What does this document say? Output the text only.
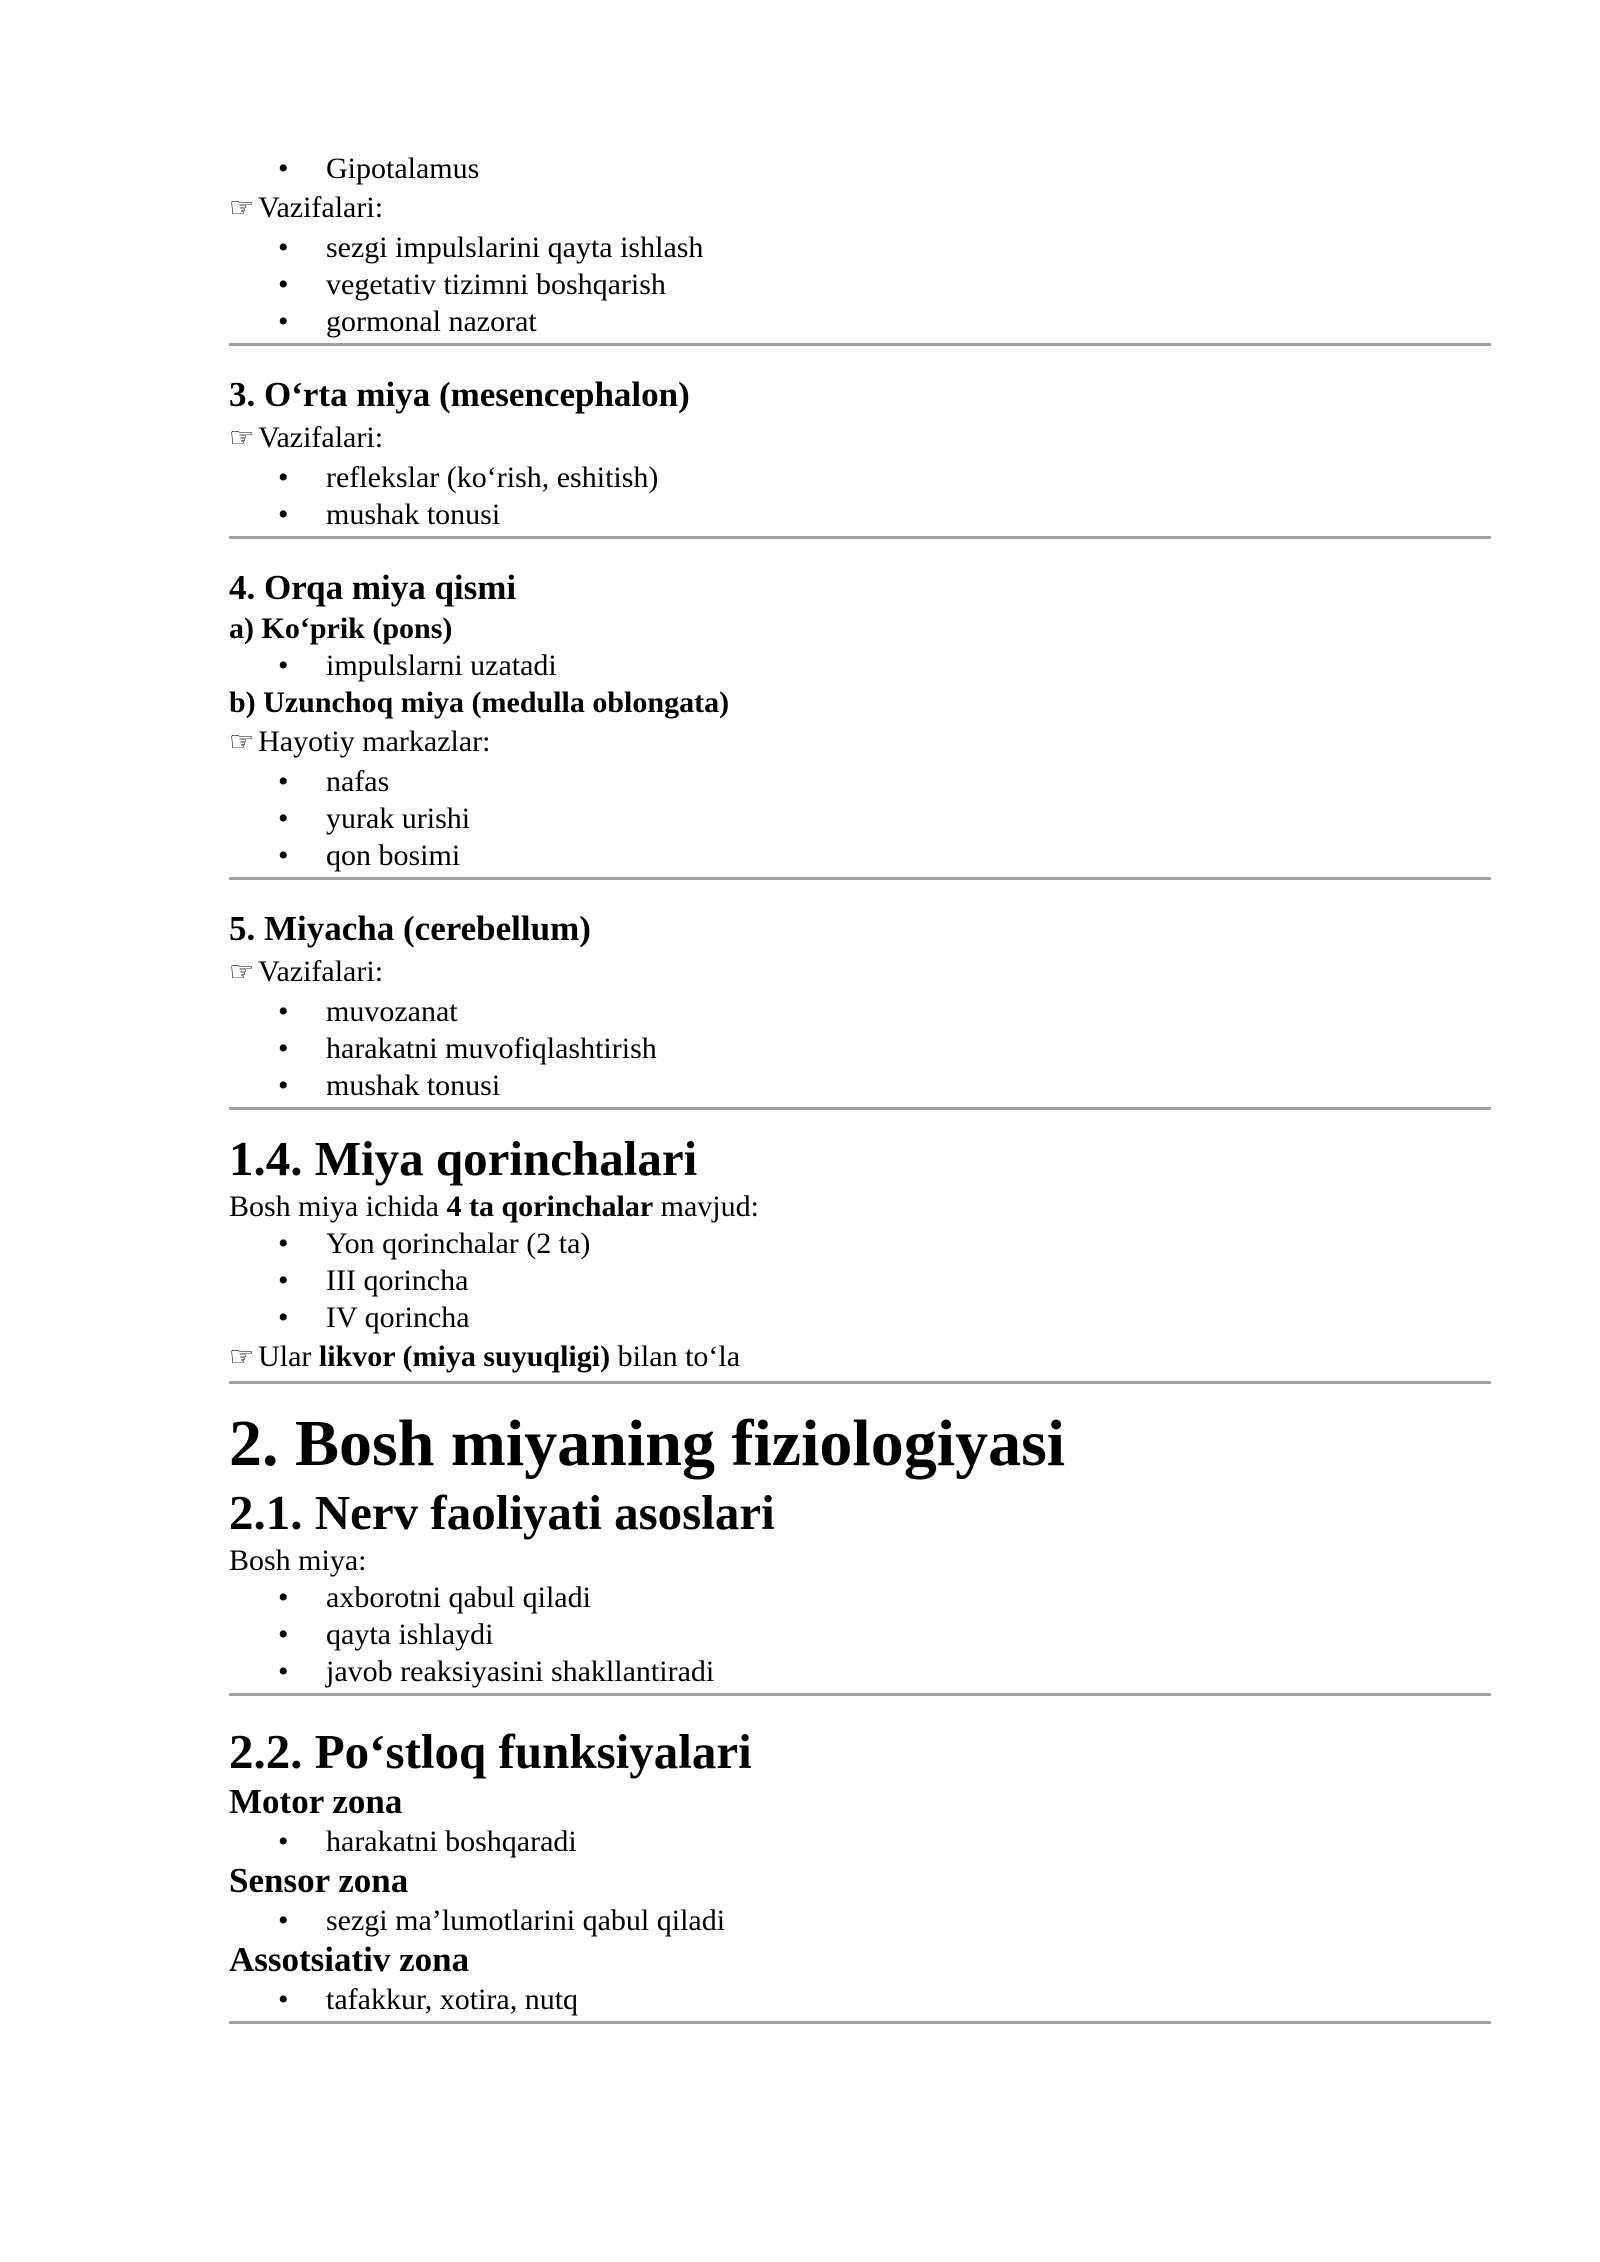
• Gipotalamus

☞ Vazifalari:

• sezgi impulslarini qayta ishlash
• vegetativ tizimni boshqarish
• gormonal nazorat

3. O‘rta miya (mesencephalon)

☞ Vazifalari:

• reflekslar (ko‘rish, eshitish)
• mushak tonusi

4. Orqa miya qismi

a) Ko‘prik (pons)

• impulslarni uzatadi

b) Uzunchoq miya (medulla oblongata)

☞ Hayotiy markazlar:

• nafas
• yurak urishi
• qon bosimi

5. Miyacha (cerebellum)

☞ Vazifalari:

• muvozanat
• harakatni muvofiqlashtirish
• mushak tonusi

1.4. Miya qorinchalari

Bosh miya ichida 4 ta qorinchalar mavjud:

• Yon qorinchalar (2 ta)
• III qorincha
• IV qorincha

☞ Ular likvor (miya suyuqligi) bilan to‘la

2. Bosh miyaning fiziologiyasi

2.1. Nerv faoliyati asoslari

Bosh miya:

• axborotni qabul qiladi
• qayta ishlaydi
• javob reaksiyasini shakllantiradi

2.2. Po‘stloq funksiyalari

Motor zona

• harakatni boshqaradi

Sensor zona

• sezgi ma’lumotlarini qabul qiladi

Assotsiativ zona

• tafakkur, xotira, nutq
